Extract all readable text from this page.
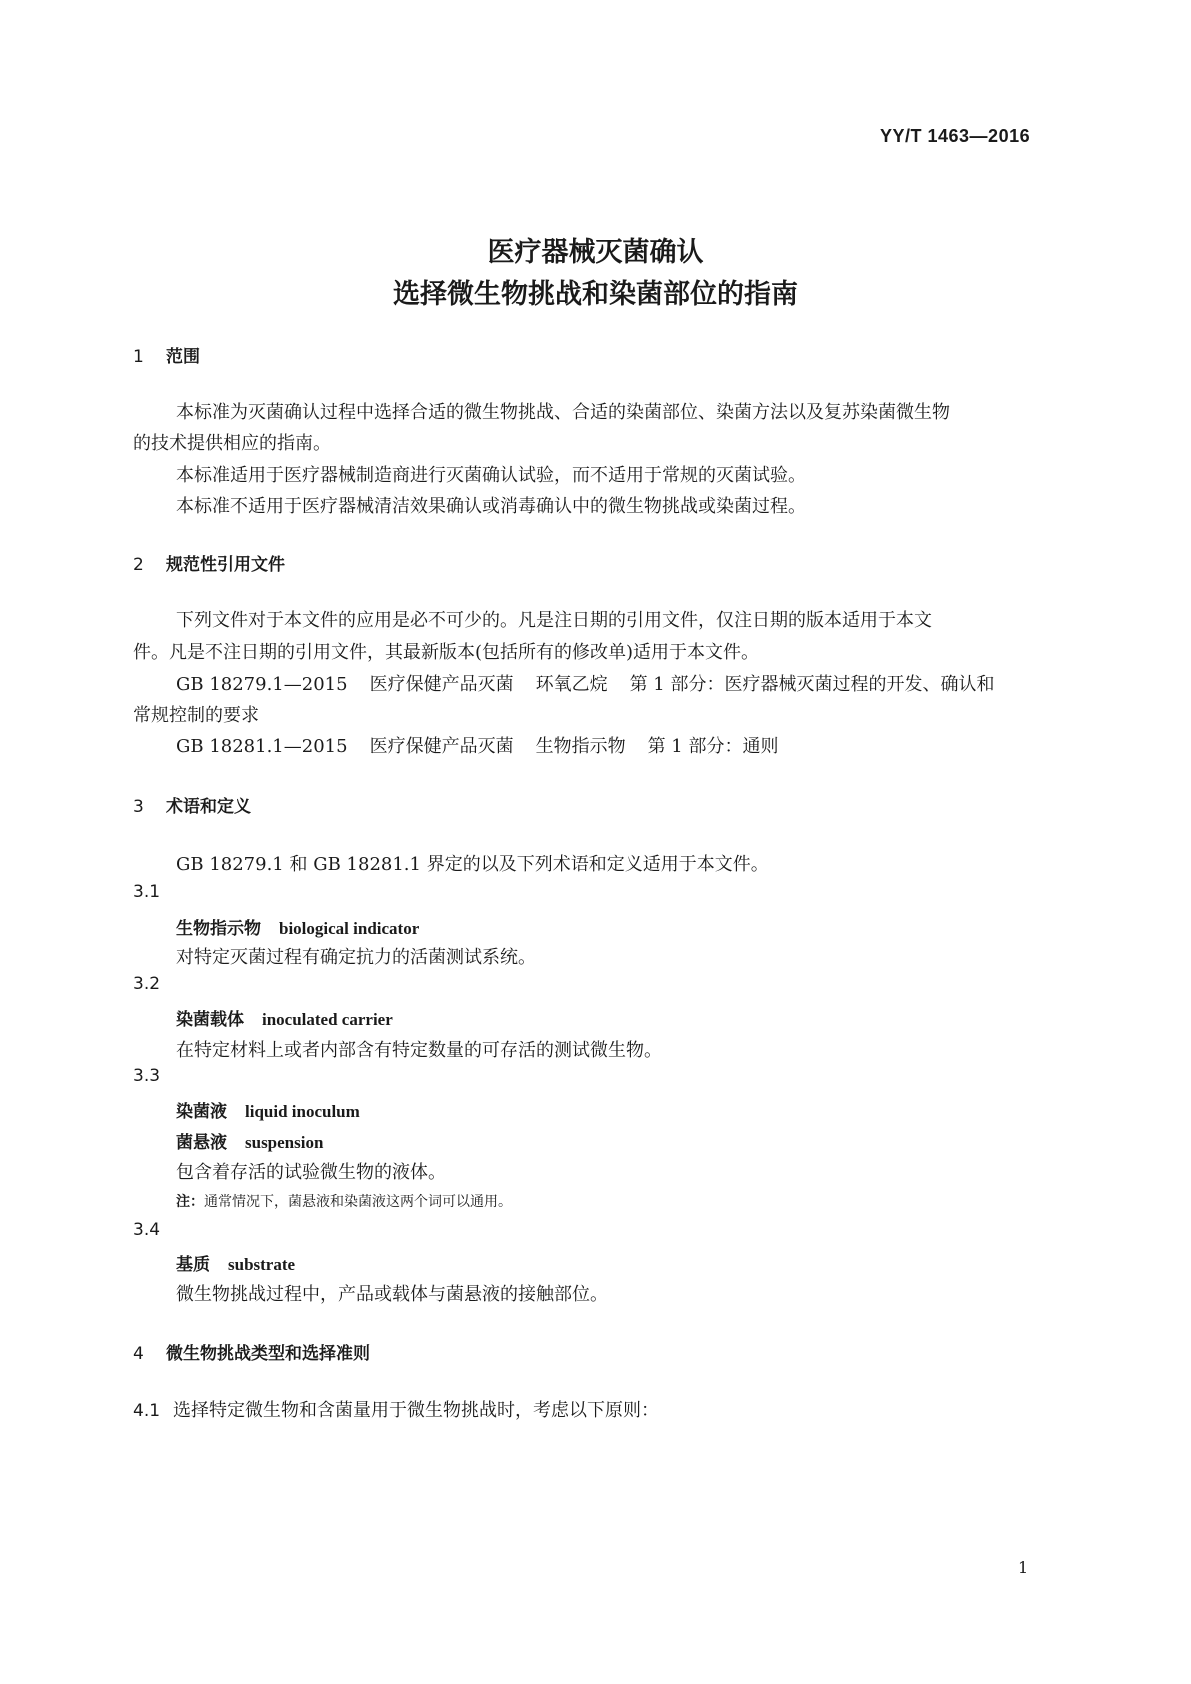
YY/T 1463—2016
医疗器械灭菌确认
选择微生物挑战和染菌部位的指南
1 范围
本标准为灭菌确认过程中选择合适的微生物挑战、合适的染菌部位、染菌方法以及复苏染菌微生物
的技术提供相应的指南。
本标准适用于医疗器械制造商进行灭菌确认试验，而不适用于常规的灭菌试验。
本标准不适用于医疗器械清洁效果确认或消毒确认中的微生物挑战或染菌过程。
2 规范性引用文件
下列文件对于本文件的应用是必不可少的。凡是注日期的引用文件，仅注日期的版本适用于本文
件。凡是不注日期的引用文件，其最新版本(包括所有的修改单)适用于本文件。
GB 18279.1—2015 医疗保健产品灭菌 环氧乙烷 第 1 部分：医疗器械灭菌过程的开发、确认和
常规控制的要求
GB 18281.1—2015 医疗保健产品灭菌 生物指示物 第 1 部分：通则
3 术语和定义
GB 18279.1 和 GB 18281.1 界定的以及下列术语和定义适用于本文件。
3.1
生物指示物 biological indicator
对特定灭菌过程有确定抗力的活菌测试系统。
3.2
染菌载体 inoculated carrier
在特定材料上或者内部含有特定数量的可存活的测试微生物。
3.3
染菌液 liquid inoculum
菌悬液 suspension
包含着存活的试验微生物的液体。
注：通常情况下，菌悬液和染菌液这两个词可以通用。
3.4
基质 substrate
微生物挑战过程中，产品或载体与菌悬液的接触部位。
4 微生物挑战类型和选择准则
4.1 选择特定微生物和含菌量用于微生物挑战时，考虑以下原则：
1
